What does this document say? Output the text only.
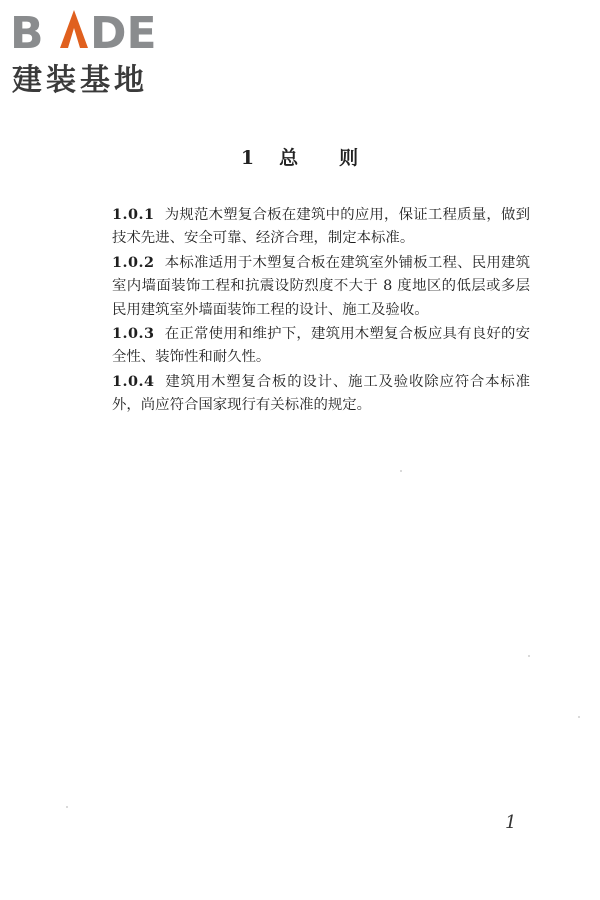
B DE
建装基地
1 总 则

1.0.1 为规范木塑复合板在建筑中的应用，保证工程质量，做到技术先进、安全可靠、经济合理，制定本标准。

1.0.2 本标准适用于木塑复合板在建筑室外铺板工程、民用建筑室内墙面装饰工程和抗震设防烈度不大于 8 度地区的低层或多层民用建筑室外墙面装饰工程的设计、施工及验收。

1.0.3 在正常使用和维护下，建筑用木塑复合板应具有良好的安全性、装饰性和耐久性。

1.0.4 建筑用木塑复合板的设计、施工及验收除应符合本标准外，尚应符合国家现行有关标准的规定。

1
